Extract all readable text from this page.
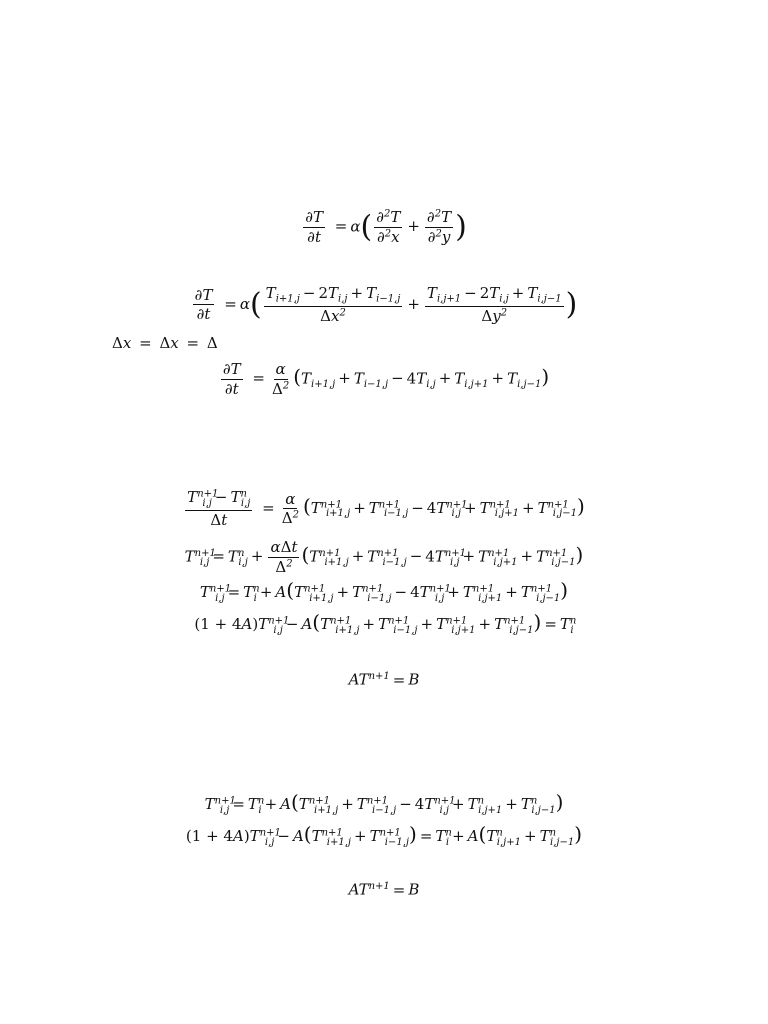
$\frac{\partial T}{\partial t} = \alpha( \frac{\partial^2T}{\partial^2x} + \frac{\partial^2T}{\partial^2y}$ )
$\frac{\partial T}{\partial t} = \alpha( \frac{T_{i+1,j} - 2T_{i,j} + T_{i-1,j}}{\Delta x^2} + \frac{T_{i,j+1} - 2T_{i,j} + T_{i,j-1}}{\Delta y^2}$ )
Δx = Δx = Δ
$\frac{\partial T}{\partial t} = \frac{\alpha}{\Delta^2} (T_{i+1,j} + T_{i-1,j} - 4T_{i,j} + T_{i,j+1} + T_{i,j-1})$
$\frac{T^{n+1}_{i,j} - T^n_{i,j}}{\Delta t} = \frac{\alpha}{\Delta^2} (T^{n+1}_{i+1,j} + T^{n+1}_{i-1,j} - 4T^{n+1}_{i,j} + T^{n+1}_{i,j+1} + T^{n+1}_{i,j-1})$
$T^{n+1}_{i,j} = T^n_{i,j} + \frac{\text{αΔt}}{\Delta^2} (T^{n+1}_{i+1,j} + T^{n+1}_{i-1,j} - 4T^{n+1}_{i,j} + T^{n+1}_{i,j+1} + T^{n+1}_{i,j-1})$
$T^{n+1}_{i,j} = T^n_i + A(T^{n+1}_{i+1,j} + T^{n+1}_{i-1,j} - 4T^{n+1}_{i,j} + T^{n+1}_{i,j+1} + T^{n+1}_{i,j-1})$
$(1 + 4A)T^{n+1}_{i,j} - A(T^{n+1}_{i+1,j} + T^{n+1}_{i-1,j} + T^{n+1}_{i,j+1} + T^{n+1}_{i,j-1}) = T^n_i$
$AT^{n+1} = B$
$T^{n+1}_{i,j} = T^n_i + A(T^{n+1}_{i+1,j} + T^{n+1}_{i-1,j} - 4T^{n+1}_{i,j} + T^n_{i,j+1} + T^n_{i,j-1})$
$(1 + 4A)T^{n+1}_{i,j} - A(T^{n+1}_{i+1,j} + T^{n+1}_{i-1,j}) = T^n_i + A(T^n_{i,j+1} + T^n_{i,j-1})$
$AT^{n+1} = B$
